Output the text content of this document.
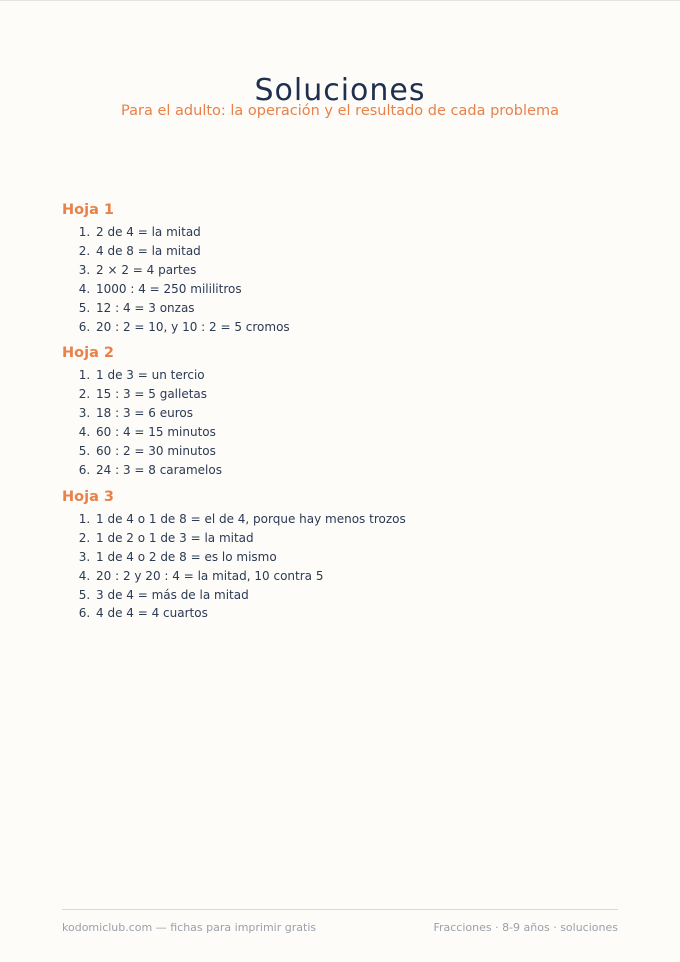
Soluciones
Para el adulto: la operación y el resultado de cada problema
Hoja 1
1. 2 de 4 = la mitad
2. 4 de 8 = la mitad
3. 2 × 2 = 4 partes
4. 1000 : 4 = 250 mililitros
5. 12 : 4 = 3 onzas
6. 20 : 2 = 10, y 10 : 2 = 5 cromos
Hoja 2
1. 1 de 3 = un tercio
2. 15 : 3 = 5 galletas
3. 18 : 3 = 6 euros
4. 60 : 4 = 15 minutos
5. 60 : 2 = 30 minutos
6. 24 : 3 = 8 caramelos
Hoja 3
1. 1 de 4 o 1 de 8 = el de 4, porque hay menos trozos
2. 1 de 2 o 1 de 3 = la mitad
3. 1 de 4 o 2 de 8 = es lo mismo
4. 20 : 2 y 20 : 4 = la mitad, 10 contra 5
5. 3 de 4 = más de la mitad
6. 4 de 4 = 4 cuartos
kodomiclub.com — fichas para imprimir gratis	Fracciones · 8-9 años · soluciones
